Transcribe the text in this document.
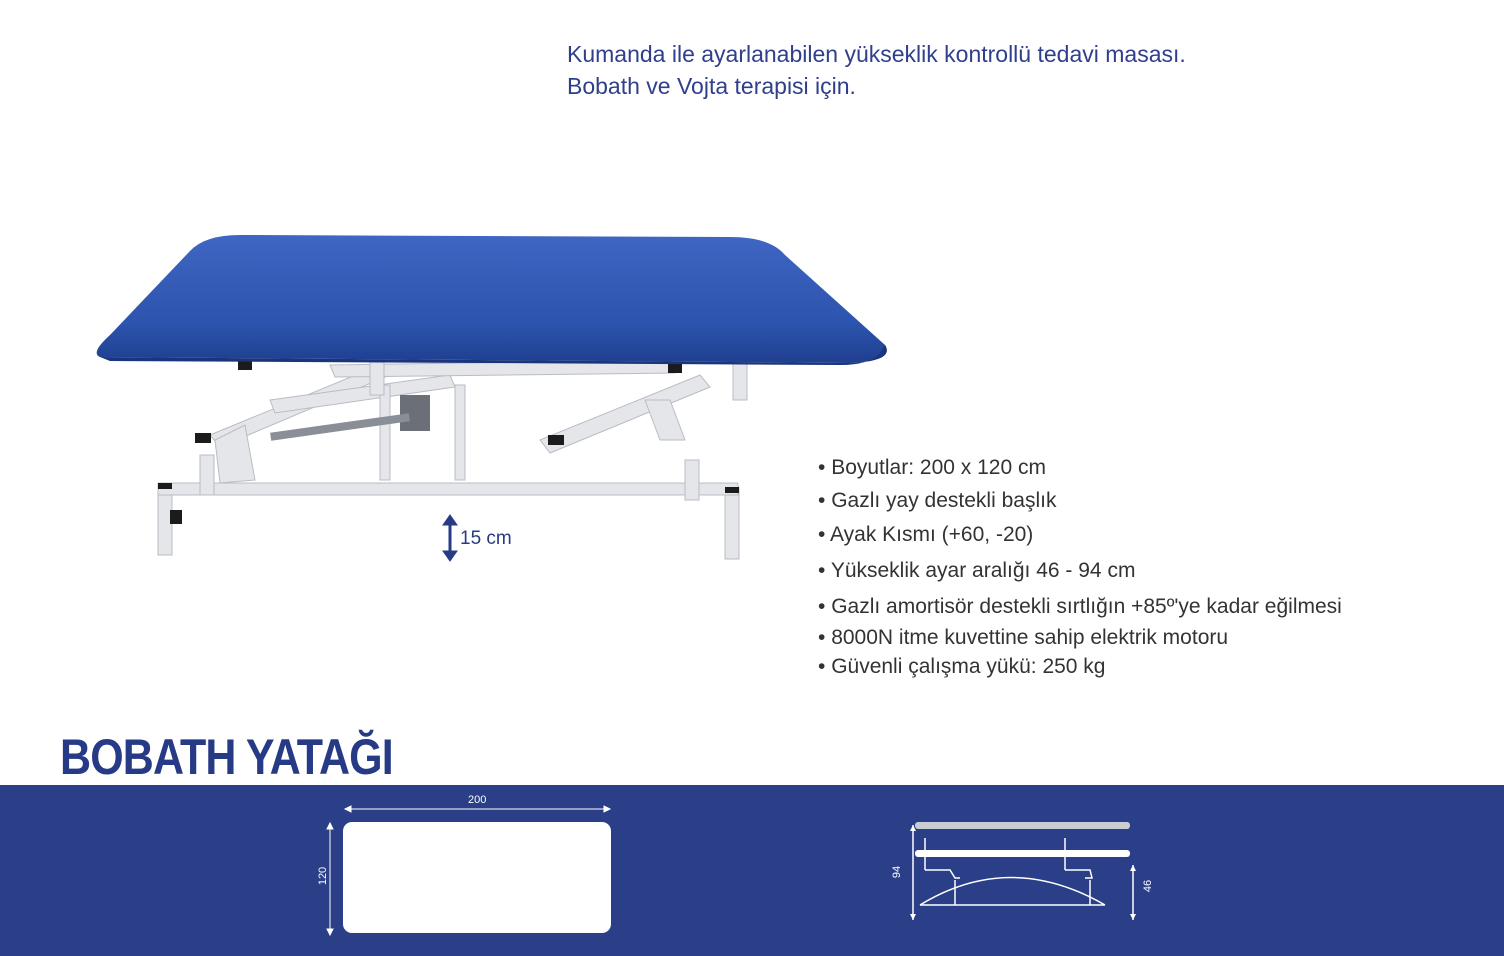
Kumanda ile ayarlanabilen yükseklik kontrollü tedavi masası.
Bobath ve Vojta terapisi için.
15 cm
• Boyutlar: 200 x 120 cm
• Gazlı yay destekli başlık
• Ayak Kısmı (+60, -20)
• Yükseklik ayar aralığı 46 - 94 cm
• Gazlı amortisör destekli sırtlığın +85º'ye kadar eğilmesi
• 8000N itme kuvettine sahip elektrik motoru
• Güvenli çalışma yükü: 250 kg
BOBATH YATAĞI
200
120	94
46
